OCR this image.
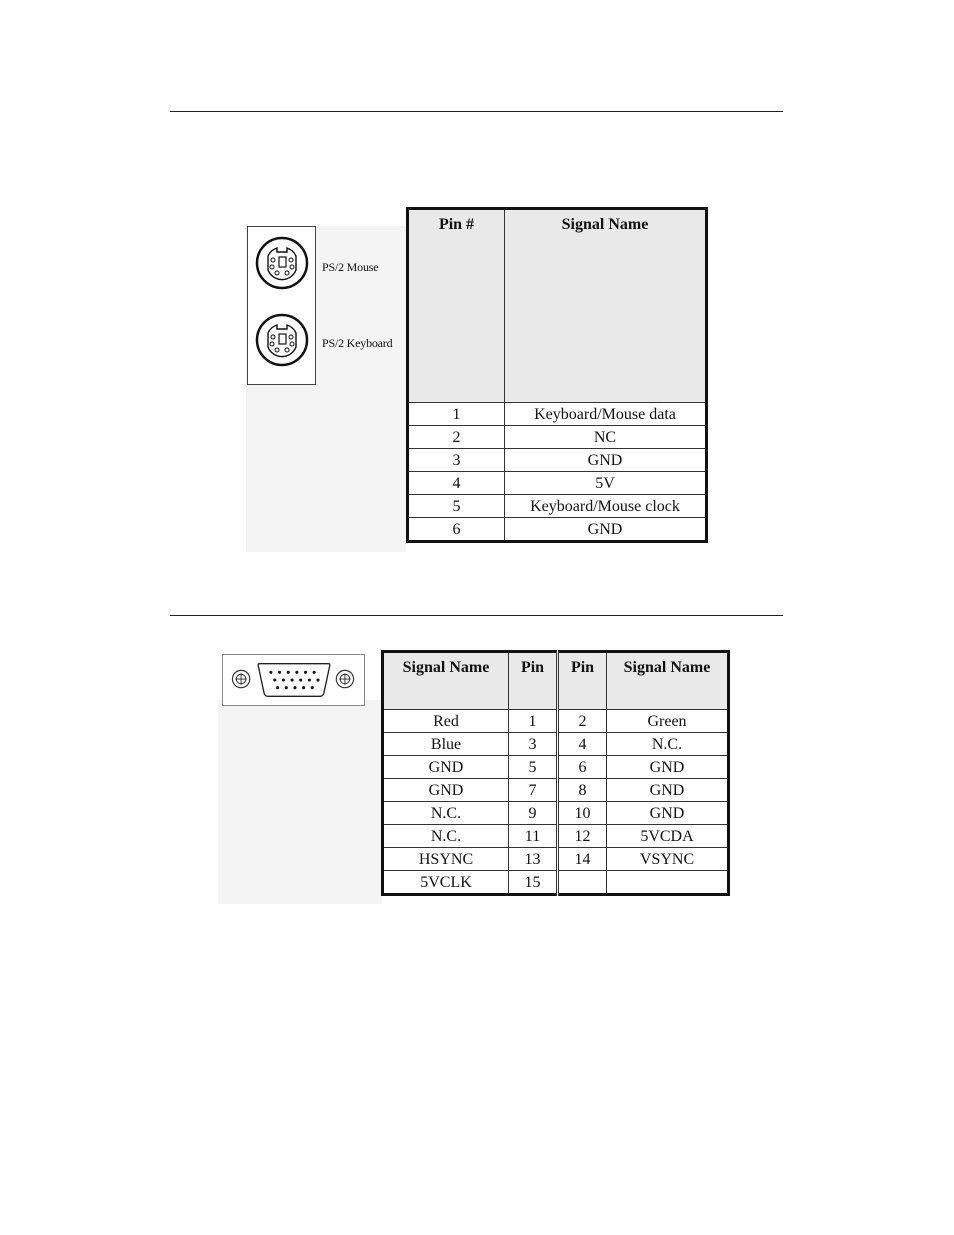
PS/2 Mouse
PS/2 Keyboard
Pin #	Signal Name
1	Keyboard/Mouse data
2	NC
3	GND
4	5V
5	Keyboard/Mouse clock
6	GND
Signal Name	Pin	Pin	Signal Name
Red	1	2	Green
Blue	3	4	N.C.
GND	5	6	GND
GND	7	8	GND
N.C.	9	10	GND
N.C.	11	12	5VCDA
HSYNC	13	14	VSYNC
5VCLK	15		
